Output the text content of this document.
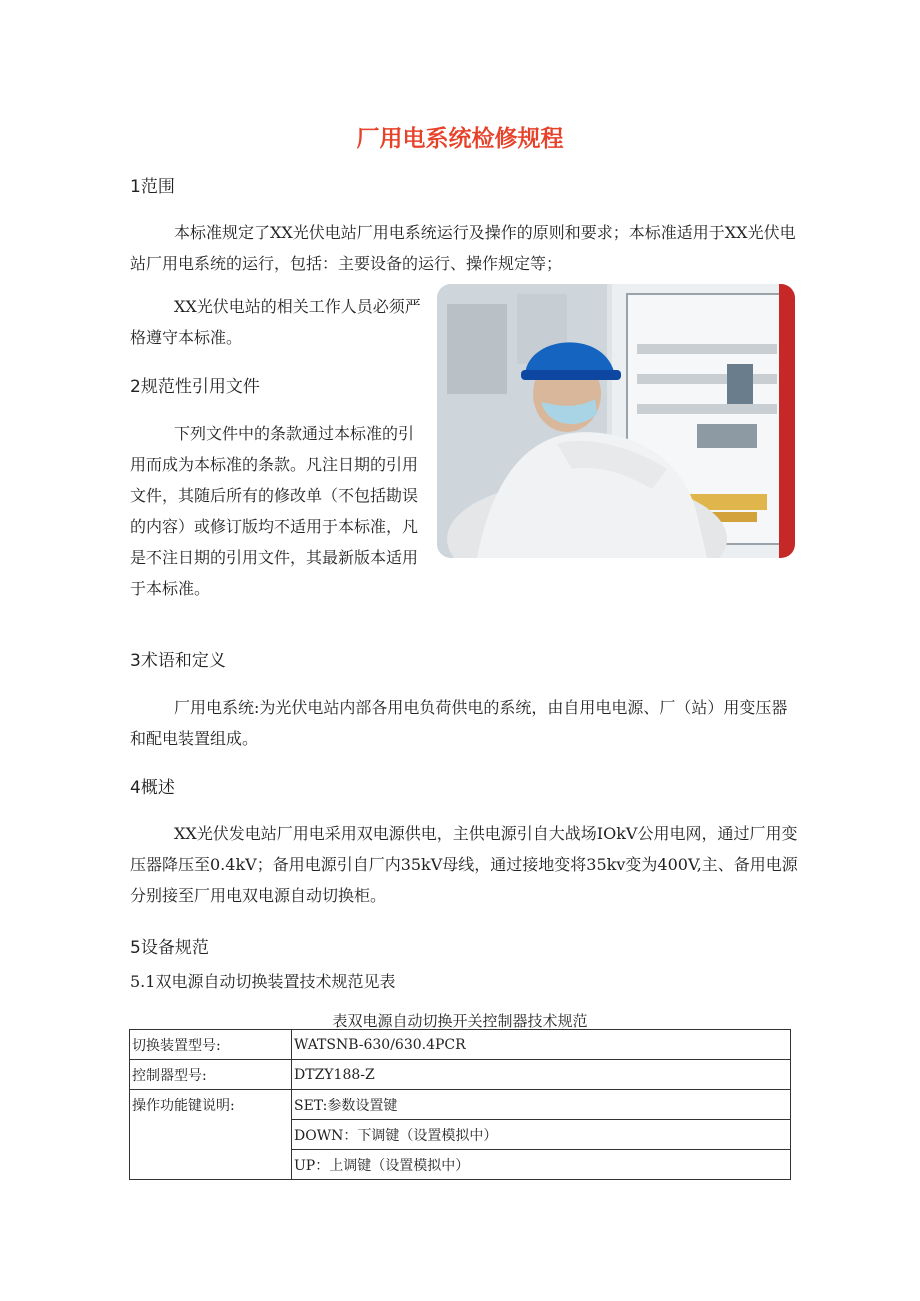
厂用电系统检修规程
1范围
本标准规定了XX光伏电站厂用电系统运行及操作的原则和要求；本标准适用于XX光伏电站厂用电系统的运行，包括：主要设备的运行、操作规定等；
XX光伏电站的相关工作人员必须严格遵守本标准。
2规范性引用文件
下列文件中的条款通过本标准的引用而成为本标准的条款。凡注日期的引用文件，其随后所有的修改单（不包括勘误的内容）或修订版均不适用于本标准，凡是不注日期的引用文件，其最新版本适用于本标准。
3术语和定义
厂用电系统:为光伏电站内部各用电负荷供电的系统，由自用电电源、厂（站）用变压器和配电装置组成。
4概述
XX光伏发电站厂用电采用双电源供电，主供电源引自大战场IOkV公用电网，通过厂用变压器降压至0.4kV；备用电源引自厂内35kV母线，通过接地变将35kv变为400V,主、备用电源分别接至厂用电双电源自动切换柜。
5设备规范
5.1双电源自动切换装置技术规范见表
表双电源自动切换开关控制器技术规范
切换装置型号:	WATSNB-630/630.4PCR
控制器型号:	DTZY188-Z
操作功能键说明:	SET:参数设置键
	DOWN：下调键（设置模拟中）
	UP：上调键（设置模拟中）
